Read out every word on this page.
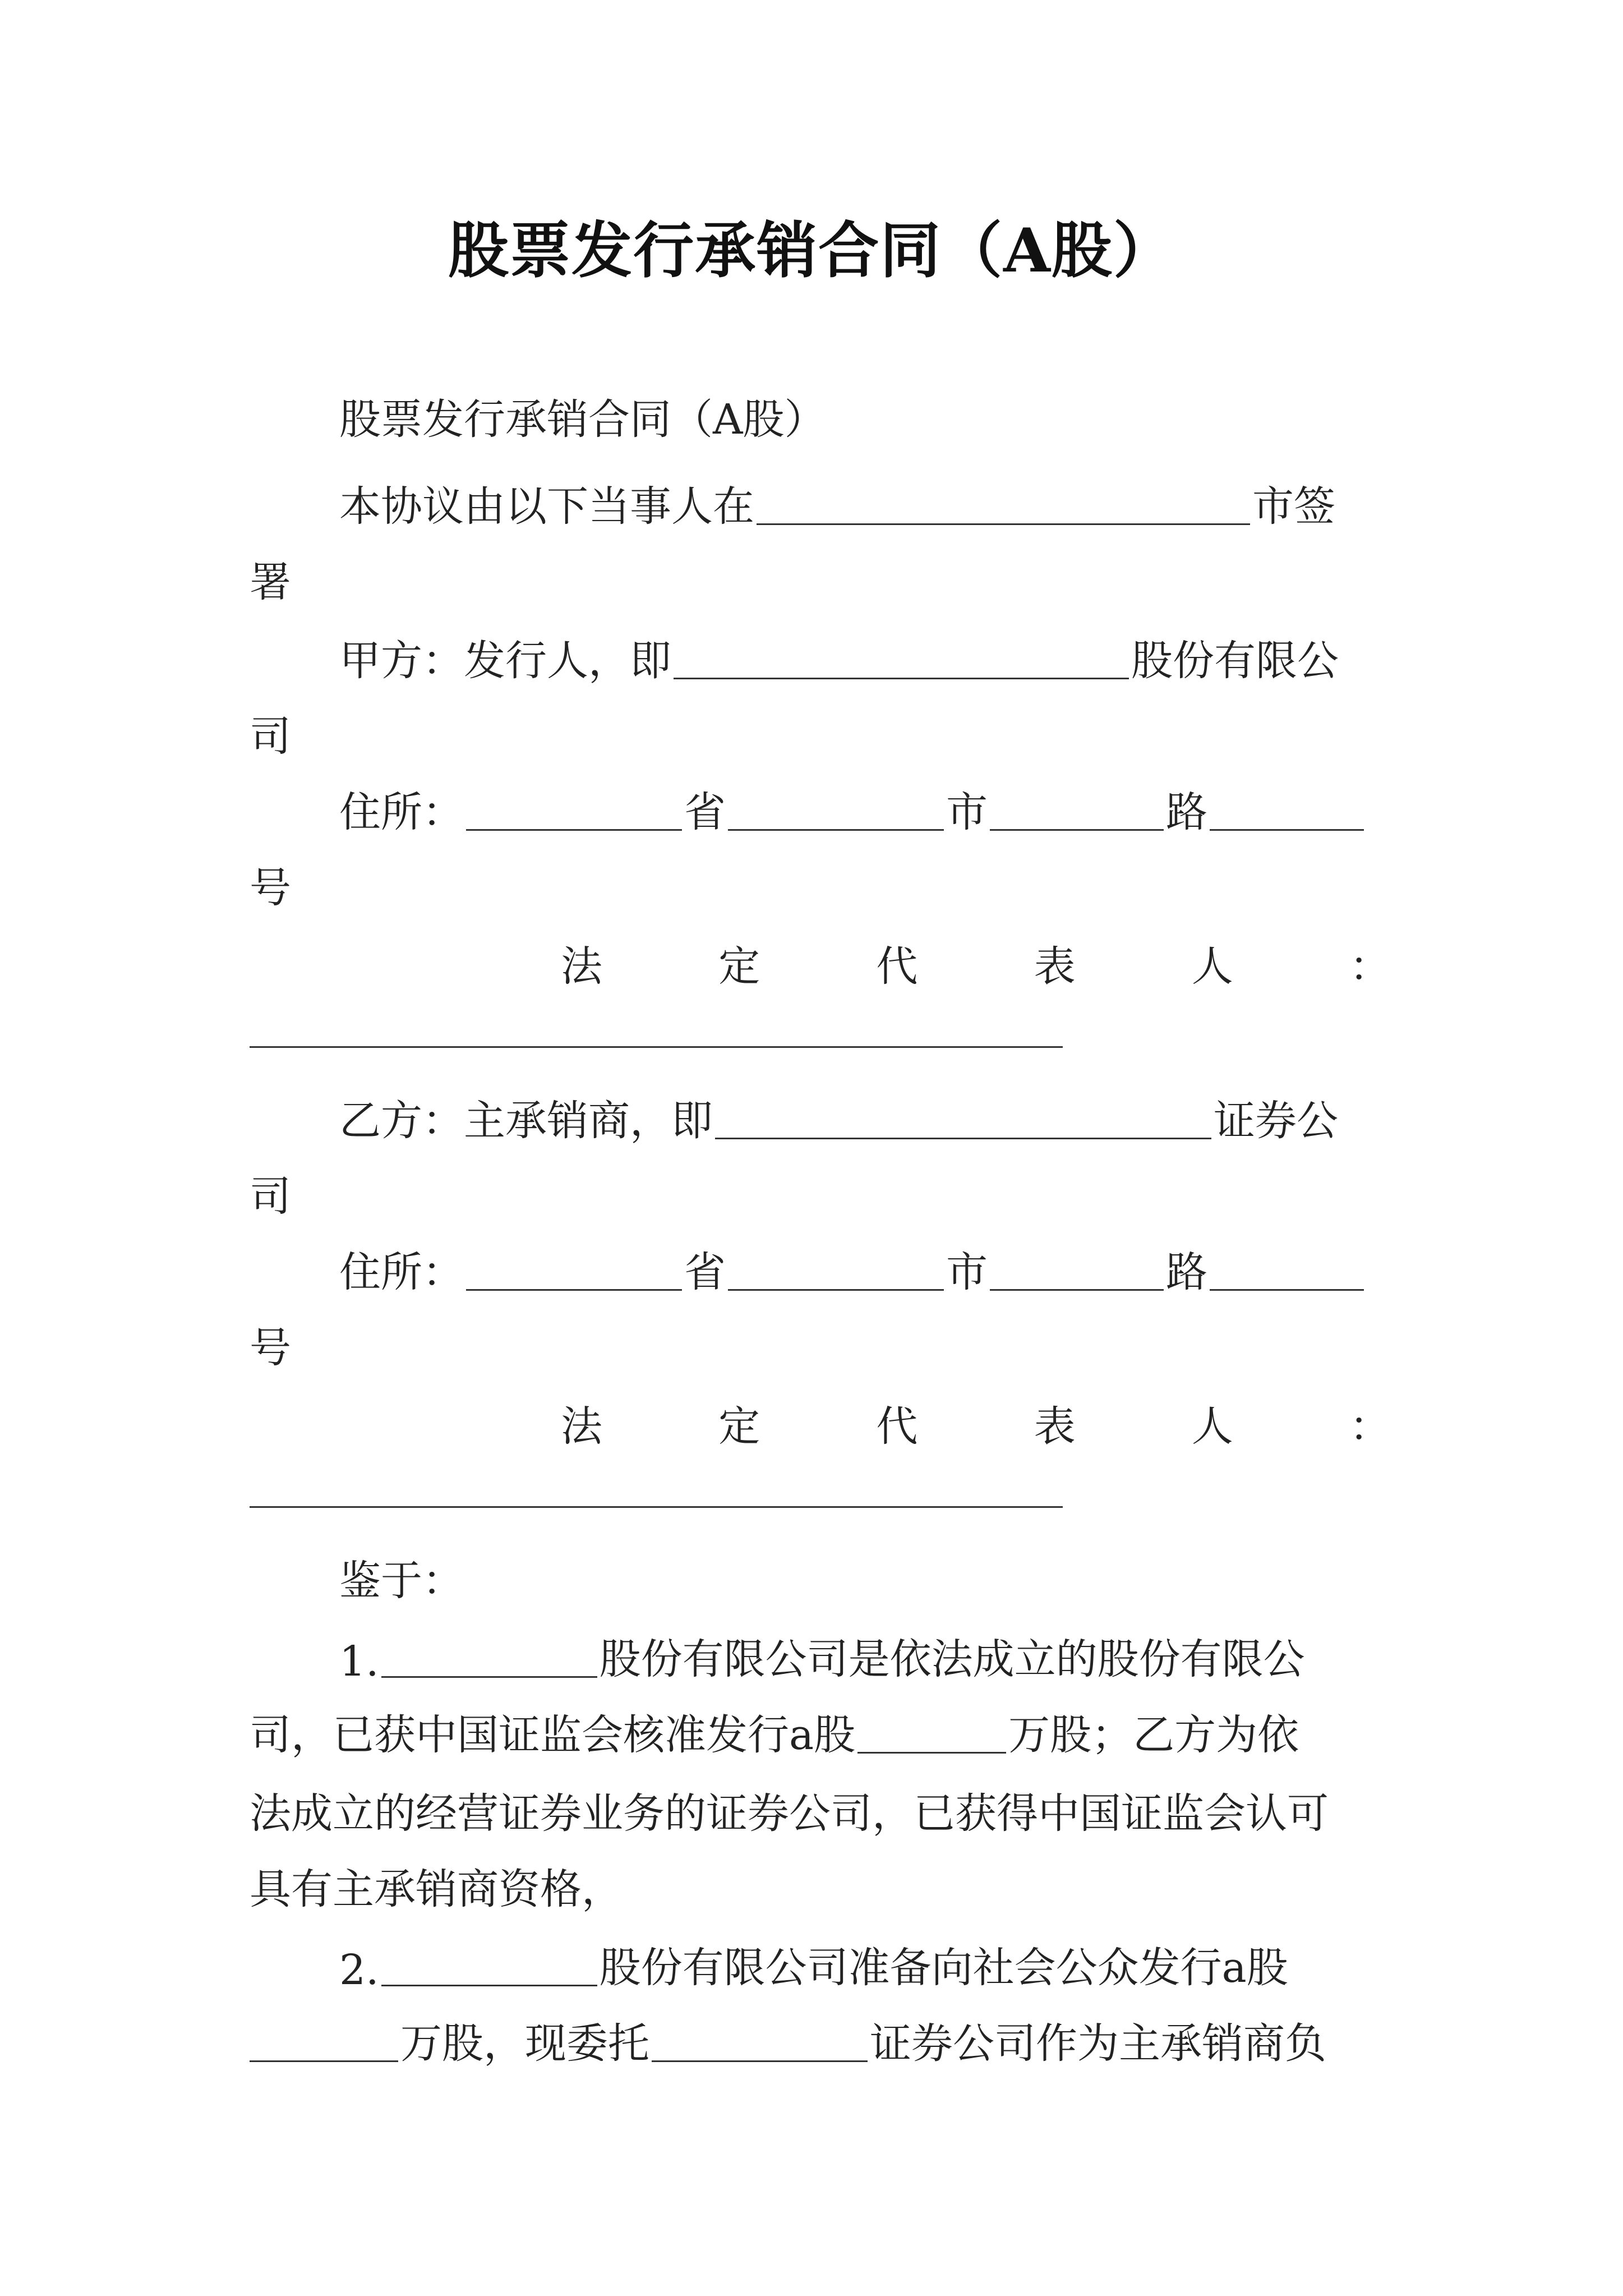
股票发行承销合同（A股）
股票发行承销合同（A股）
本协议由以下当事人在	市签
署
甲方：发行人，即	股份有限公
司
住所：	省	市	路
号
法	定	代	表	人	：
乙方：主承销商，即	证券公
司
住所：	省	市	路
号
法	定	代	表	人	：
鉴于：
1.	股份有限公司是依法成立的股份有限公
司，已获中国证监会核准发行a股	万股；乙方为依
法成立的经营证券业务的证券公司，已获得中国证监会认可
具有主承销商资格，
2.	股份有限公司准备向社会公众发行a股
万股，现委托	证券公司作为主承销商负
